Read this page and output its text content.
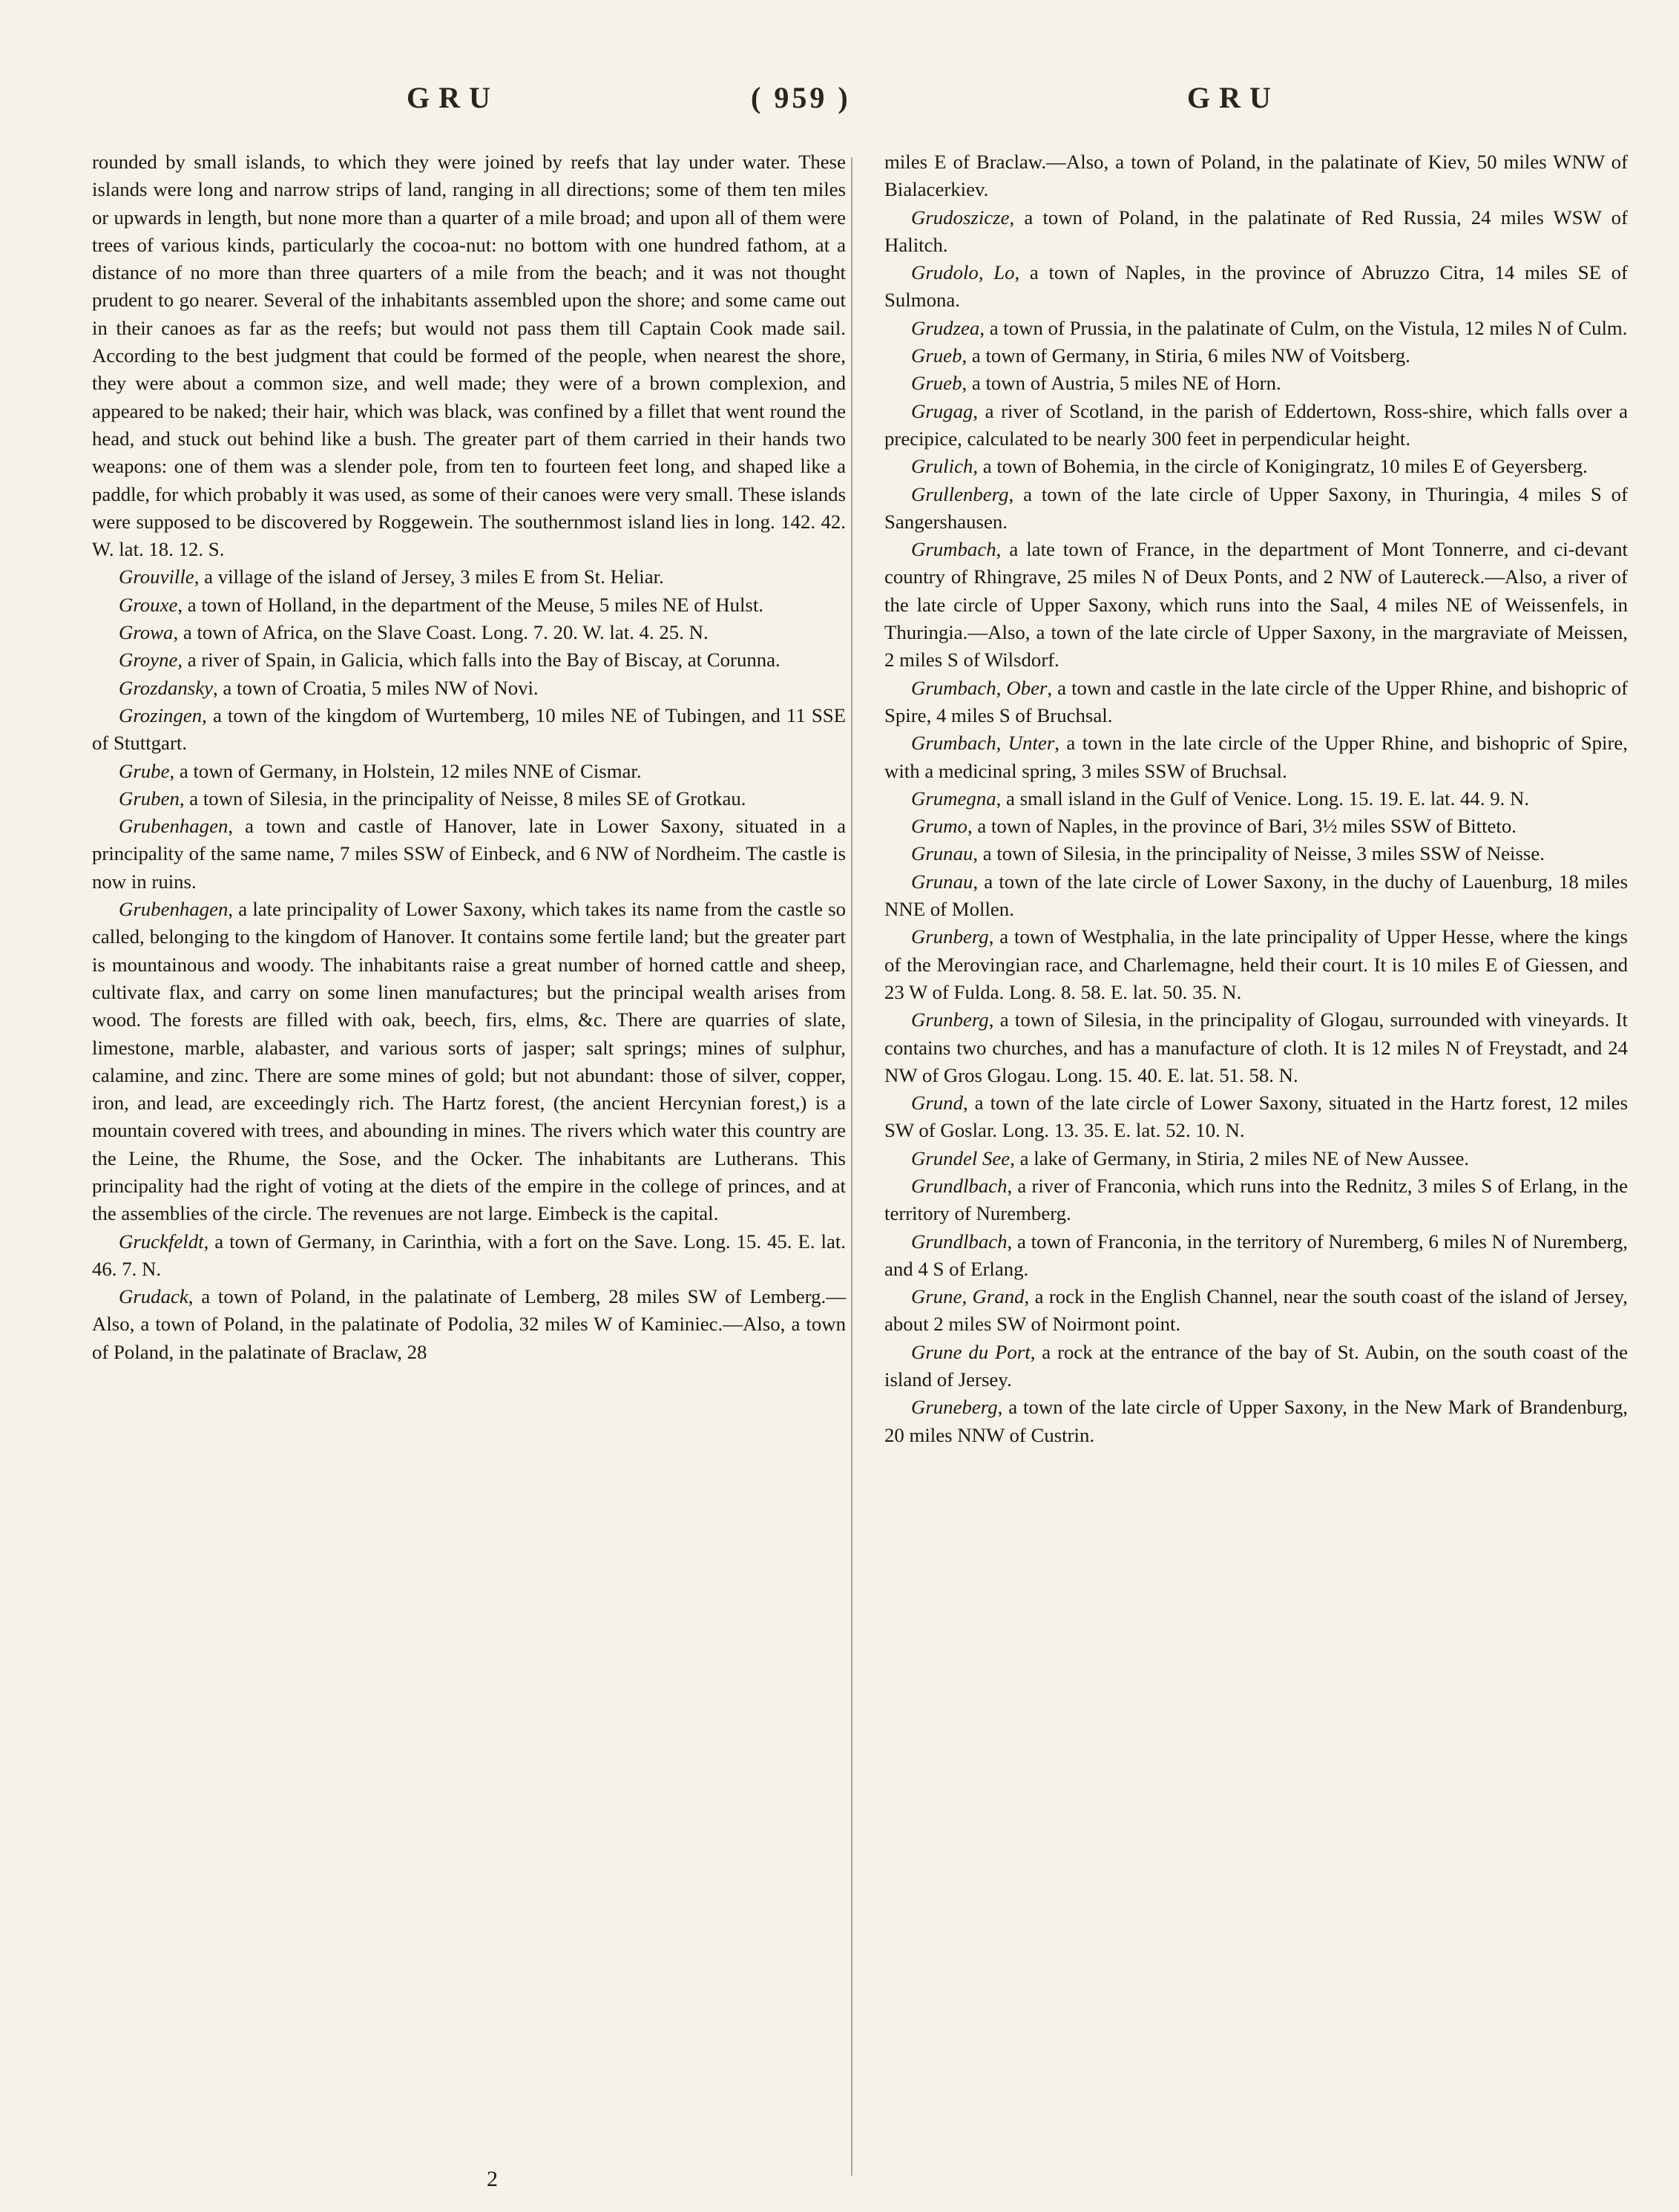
GRU	( 959 )	GRU

rounded by small islands, to which they were joined by reefs that lay under water. These islands were long and narrow strips of land, ranging in all directions; some of them ten miles or upwards in length, but none more than a quarter of a mile broad; and upon all of them were trees of various kinds, particularly the cocoa-nut: no bottom with one hundred fathom, at a distance of no more than three quarters of a mile from the beach; and it was not thought prudent to go nearer. Several of the inhabitants assembled upon the shore; and some came out in their canoes as far as the reefs; but would not pass them till Captain Cook made sail. According to the best judgment that could be formed of the people, when nearest the shore, they were about a common size, and well made; they were of a brown complexion, and appeared to be naked; their hair, which was black, was confined by a fillet that went round the head, and stuck out behind like a bush. The greater part of them carried in their hands two weapons: one of them was a slender pole, from ten to fourteen feet long, and shaped like a paddle, for which probably it was used, as some of their canoes were very small. These islands were supposed to be discovered by Roggewein. The southernmost island lies in long. 142. 42. W. lat. 18. 12. S.

Grouville, a village of the island of Jersey, 3 miles E from St. Heliar.

Grouxe, a town of Holland, in the department of the Meuse, 5 miles NE of Hulst.

Growa, a town of Africa, on the Slave Coast. Long. 7. 20. W. lat. 4. 25. N.

Groyne, a river of Spain, in Galicia, which falls into the Bay of Biscay, at Corunna.

Grozdansky, a town of Croatia, 5 miles NW of Novi.

Grozingen, a town of the kingdom of Wurtemberg, 10 miles NE of Tubingen, and 11 SSE of Stuttgart.

Grube, a town of Germany, in Holstein, 12 miles NNE of Cismar.

Gruben, a town of Silesia, in the principality of Neisse, 8 miles SE of Grotkau.

Grubenhagen, a town and castle of Hanover, late in Lower Saxony, situated in a principality of the same name, 7 miles SSW of Einbeck, and 6 NW of Nordheim. The castle is now in ruins.

Grubenhagen, a late principality of Lower Saxony, which takes its name from the castle so called, belonging to the kingdom of Hanover. It contains some fertile land; but the greater part is mountainous and woody. The inhabitants raise a great number of horned cattle and sheep, cultivate flax, and carry on some linen manufactures; but the principal wealth arises from wood. The forests are filled with oak, beech, firs, elms, &c. There are quarries of slate, limestone, marble, alabaster, and various sorts of jasper; salt springs; mines of sulphur, calamine, and zinc. There are some mines of gold; but not abundant: those of silver, copper, iron, and lead, are exceedingly rich. The Hartz forest, (the ancient Hercynian forest,) is a mountain covered with trees, and abounding in mines. The rivers which water this country are the Leine, the Rhume, the Sose, and the Ocker. The inhabitants are Lutherans. This principality had the right of voting at the diets of the empire in the college of princes, and at the assemblies of the circle. The revenues are not large. Eimbeck is the capital.

Gruckfeldt, a town of Germany, in Carinthia, with a fort on the Save. Long. 15. 45. E. lat. 46. 7. N.

Grudack, a town of Poland, in the palatinate of Lemberg, 28 miles SW of Lemberg.—Also, a town of Poland, in the palatinate of Podolia, 32 miles W of Kaminiec.—Also, a town of Poland, in the palatinate of Braclaw, 28

miles E of Braclaw.—Also, a town of Poland, in the palatinate of Kiev, 50 miles WNW of Bialacerkiev.

Grudoszicze, a town of Poland, in the palatinate of Red Russia, 24 miles WSW of Halitch.

Grudolo, Lo, a town of Naples, in the province of Abruzzo Citra, 14 miles SE of Sulmona.

Grudzea, a town of Prussia, in the palatinate of Culm, on the Vistula, 12 miles N of Culm.

Grueb, a town of Germany, in Stiria, 6 miles NW of Voitsberg.

Grueb, a town of Austria, 5 miles NE of Horn.

Grugag, a river of Scotland, in the parish of Eddertown, Ross-shire, which falls over a precipice, calculated to be nearly 300 feet in perpendicular height.

Grulich, a town of Bohemia, in the circle of Konigingratz, 10 miles E of Geyersberg.

Grullenberg, a town of the late circle of Upper Saxony, in Thuringia, 4 miles S of Sangershausen.

Grumbach, a late town of France, in the department of Mont Tonnerre, and ci-devant country of Rhingrave, 25 miles N of Deux Ponts, and 2 NW of Lautereck.—Also, a river of the late circle of Upper Saxony, which runs into the Saal, 4 miles NE of Weissenfels, in Thuringia.—Also, a town of the late circle of Upper Saxony, in the margraviate of Meissen, 2 miles S of Wilsdorf.

Grumbach, Ober, a town and castle in the late circle of the Upper Rhine, and bishopric of Spire, 4 miles S of Bruchsal.

Grumbach, Unter, a town in the late circle of the Upper Rhine, and bishopric of Spire, with a medicinal spring, 3 miles SSW of Bruchsal.

Grumegna, a small island in the Gulf of Venice. Long. 15. 19. E. lat. 44. 9. N.

Grumo, a town of Naples, in the province of Bari, 3½ miles SSW of Bitteto.

Grunau, a town of Silesia, in the principality of Neisse, 3 miles SSW of Neisse.

Grunau, a town of the late circle of Lower Saxony, in the duchy of Lauenburg, 18 miles NNE of Mollen.

Grunberg, a town of Westphalia, in the late principality of Upper Hesse, where the kings of the Merovingian race, and Charlemagne, held their court. It is 10 miles E of Giessen, and 23 W of Fulda. Long. 8. 58. E. lat. 50. 35. N.

Grunberg, a town of Silesia, in the principality of Glogau, surrounded with vineyards. It contains two churches, and has a manufacture of cloth. It is 12 miles N of Freystadt, and 24 NW of Gros Glogau. Long. 15. 40. E. lat. 51. 58. N.

Grund, a town of the late circle of Lower Saxony, situated in the Hartz forest, 12 miles SW of Goslar. Long. 13. 35. E. lat. 52. 10. N.

Grundel See, a lake of Germany, in Stiria, 2 miles NE of New Aussee.

Grundlbach, a river of Franconia, which runs into the Rednitz, 3 miles S of Erlang, in the territory of Nuremberg.

Grundlbach, a town of Franconia, in the territory of Nuremberg, 6 miles N of Nuremberg, and 4 S of Erlang.

Grune, Grand, a rock in the English Channel, near the south coast of the island of Jersey, about 2 miles SW of Noirmont point.

Grune du Port, a rock at the entrance of the bay of St. Aubin, on the south coast of the island of Jersey.

Gruneberg, a town of the late circle of Upper Saxony, in the New Mark of Brandenburg, 20 miles NNW of Custrin.

2
